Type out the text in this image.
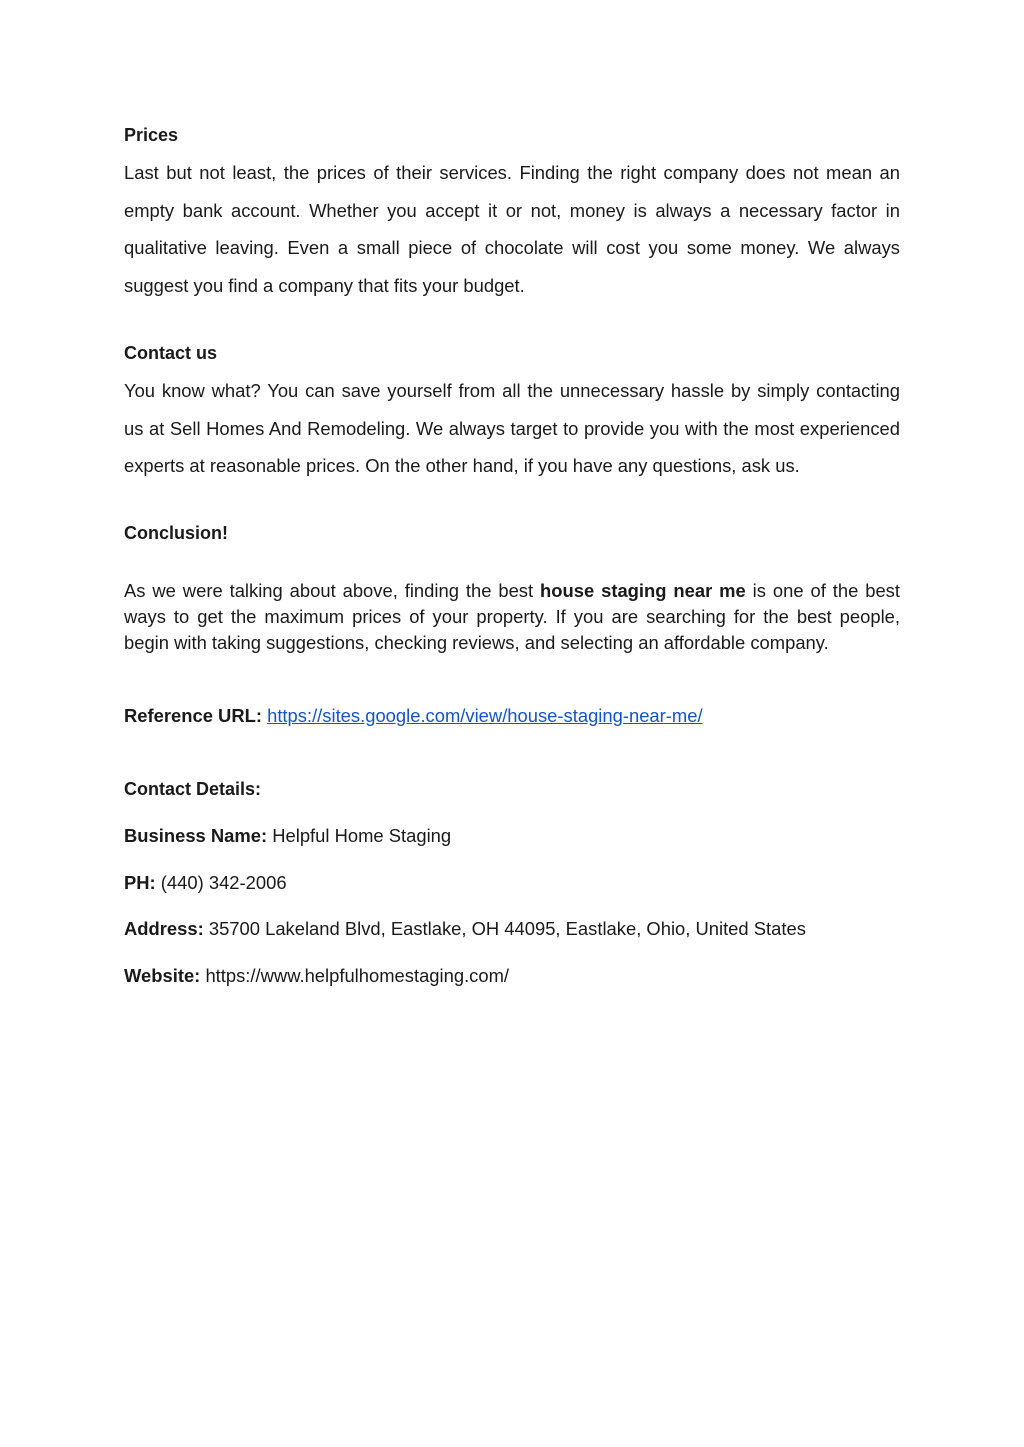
Prices

Last but not least, the prices of their services. Finding the right company does not mean an empty bank account. Whether you accept it or not, money is always a necessary factor in qualitative leaving. Even a small piece of chocolate will cost you some money. We always suggest you find a company that fits your budget.

Contact us

You know what? You can save yourself from all the unnecessary hassle by simply contacting us at Sell Homes And Remodeling. We always target to provide you with the most experienced experts at reasonable prices. On the other hand, if you have any questions, ask us.

Conclusion!

As we were talking about above, finding the best house staging near me is one of the best ways to get the maximum prices of your property. If you are searching for the best people, begin with taking suggestions, checking reviews, and selecting an affordable company.

Reference URL: https://sites.google.com/view/house-staging-near-me/

Contact Details:

Business Name: Helpful Home Staging

PH: (440) 342-2006

Address: 35700 Lakeland Blvd, Eastlake, OH 44095, Eastlake, Ohio, United States

Website: https://www.helpfulhomestaging.com/
